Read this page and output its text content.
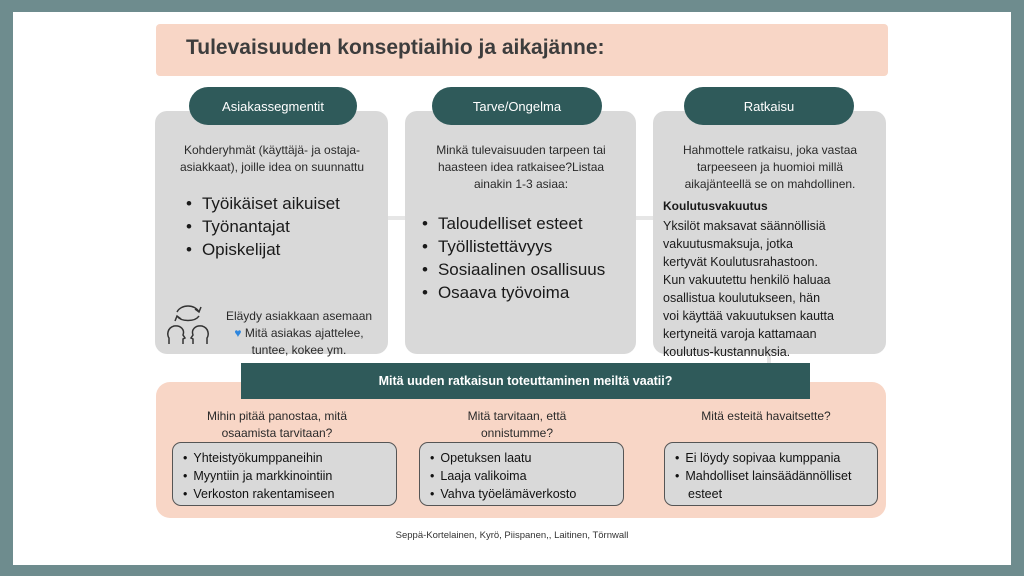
Tulevaisuuden konseptiaihio ja aikajänne:
Kohderyhmät (käyttäjä- ja ostaja-asiakkaat), joille idea on suunnattu
• Työikäiset aikuiset
• Työnantajat
• Opiskelijat
Eläydy asiakkaan asemaan
♥ Mitä asiakas ajattelee,
tuntee, kokee ym.
Asiakassegmentit
Minkä tulevaisuuden tarpeen tai haasteen idea ratkaisee?Listaa ainakin 1-3 asiaa:
• Taloudelliset esteet
• Työllistettävyys
• Sosiaalinen osallisuus
• Osaava työvoima
Tarve/Ongelma
Hahmottele ratkaisu, joka vastaa tarpeeseen ja huomioi millä aikajänteellä se on mahdollinen.
Koulutusvakuutus
Yksilöt maksavat säännöllisiä vakuutusmaksuja, jotka kertyvät Koulutusrahastoon. Kun vakuutettu henkilö haluaa osallistua koulutukseen, hän voi käyttää vakuutuksen kautta kertyneitä varoja kattamaan koulutus-kustannuksia.
Ratkaisu
Mihin pitää panostaa, mitä osaamista tarvitaan?
• Yhteistyökumppaneihin
• Myyntiin ja markkinointiin
• Verkoston rakentamiseen
Mitä tarvitaan, että onnistumme?
• Opetuksen laatu
• Laaja valikoima
• Vahva työelämäverkosto
Mitä esteitä havaitsette?
• Ei löydy sopivaa kumppania
• Mahdolliset lainsäädännölliset esteet
Mitä uuden ratkaisun toteuttaminen meiltä vaatii?
Seppä-Kortelainen, Kyrö, Piispanen,, Laitinen, Törnwall
